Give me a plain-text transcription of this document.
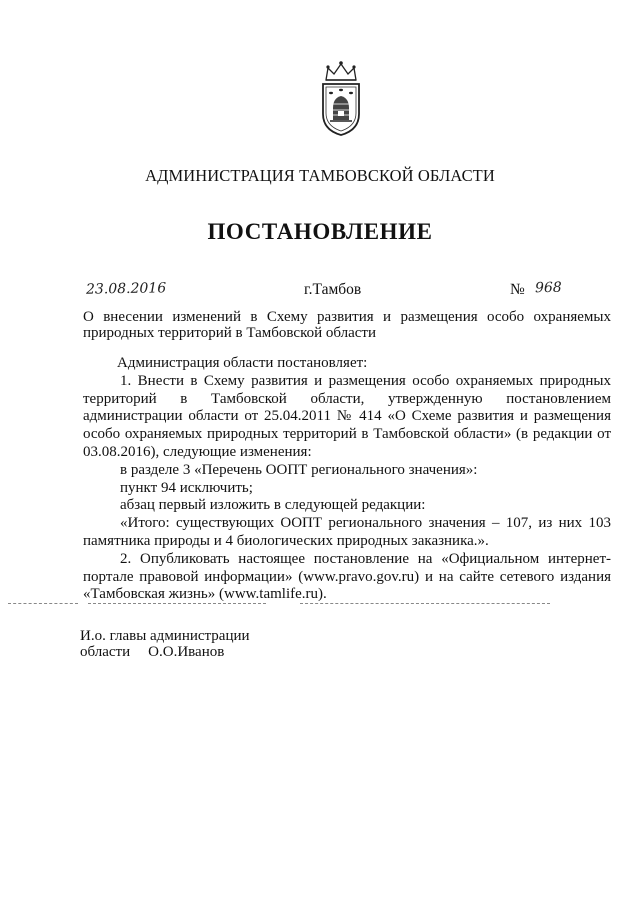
АДМИНИСТРАЦИЯ ТАМБОВСКОЙ ОБЛАСТИ
ПОСТАНОВЛЕНИЕ
23.08.2016	г.Тамбов	№ 968
О внесении изменений в Схему развития и размещения особо охраняемых природных территорий в Тамбовской области

Администрация области постановляет:

1. Внести в Схему развития и размещения особо охраняемых природных территорий в Тамбовской области, утвержденную постановлением администрации области от 25.04.2011 № 414 «О Схеме развития и размещения особо охраняемых природных территорий в Тамбовской области» (в редакции от 03.08.2016), следующие изменения:

в разделе 3 «Перечень ООПТ регионального значения»:

пункт 94 исключить;

абзац первый изложить в следующей редакции:

«Итого: существующих ООПТ регионального значения – 107, из них 103 памятника природы и 4 биологических природных заказника.».

2. Опубликовать настоящее постановление на «Официальном интернет-портале правовой информации» (www.pravo.gov.ru) и на сайте сетевого издания «Тамбовская жизнь» (www.tamlife.ru).

И.о. главы администрации
области О.О.Иванов
